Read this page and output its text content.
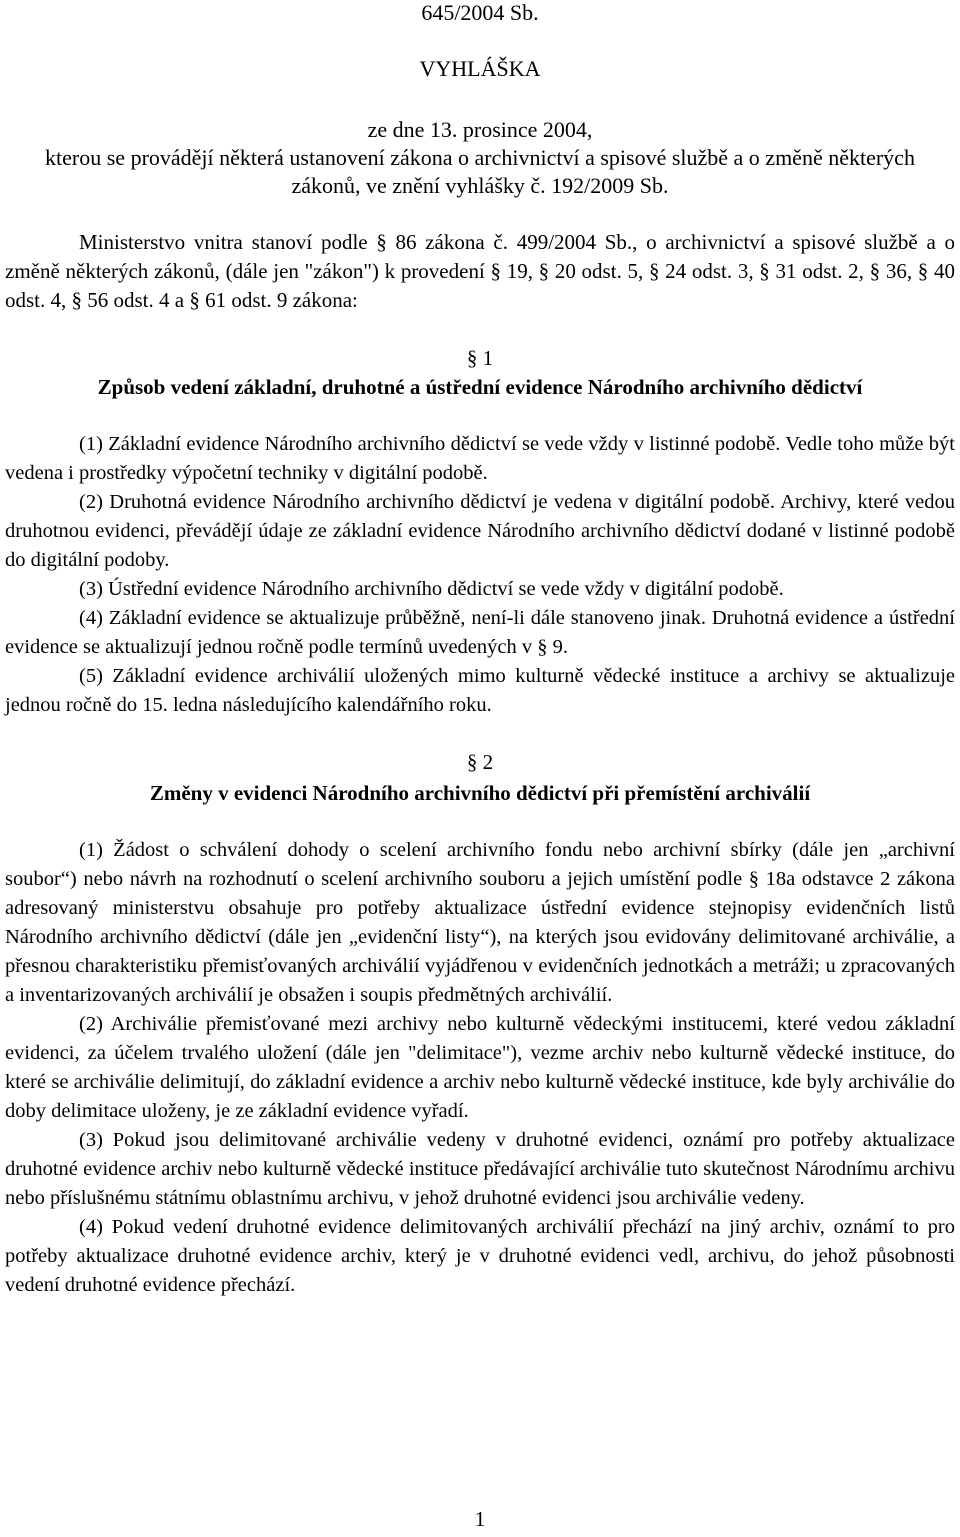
645/2004 Sb.
VYHLÁŠKA
ze dne 13. prosince 2004,
kterou se provádějí některá ustanovení zákona o archivnictví a spisové službě a o změně některých zákonů, ve znění vyhlášky č. 192/2009 Sb.

Ministerstvo vnitra stanoví podle § 86 zákona č. 499/2004 Sb., o archivnictví a spisové službě a o změně některých zákonů, (dále jen "zákon") k provedení § 19, § 20 odst. 5, § 24 odst. 3, § 31 odst. 2, § 36, § 40 odst. 4, § 56 odst. 4 a § 61 odst. 9 zákona:

§ 1
Způsob vedení základní, druhotné a ústřední evidence Národního archivního dědictví

(1) Základní evidence Národního archivního dědictví se vede vždy v listinné podobě. Vedle toho může být vedena i prostředky výpočetní techniky v digitální podobě.

(2) Druhotná evidence Národního archivního dědictví je vedena v digitální podobě. Archivy, které vedou druhotnou evidenci, převádějí údaje ze základní evidence Národního archivního dědictví dodané v listinné podobě do digitální podoby.

(3) Ústřední evidence Národního archivního dědictví se vede vždy v digitální podobě.

(4) Základní evidence se aktualizuje průběžně, není-li dále stanoveno jinak. Druhotná evidence a ústřední evidence se aktualizují jednou ročně podle termínů uvedených v § 9.

(5) Základní evidence archiválií uložených mimo kulturně vědecké instituce a archivy se aktualizuje jednou ročně do 15. ledna následujícího kalendářního roku.

§ 2
Změny v evidenci Národního archivního dědictví při přemístění archiválií

(1) Žádost o schválení dohody o scelení archivního fondu nebo archivní sbírky (dále jen „archivní soubor“) nebo návrh na rozhodnutí o scelení archivního souboru a jejich umístění podle § 18a odstavce 2 zákona adresovaný ministerstvu obsahuje pro potřeby aktualizace ústřední evidence stejnopisy evidenčních listů Národního archivního dědictví (dále jen „evidenční listy“), na kterých jsou evidovány delimitované archiválie, a přesnou charakteristiku přemisťovaných archiválií vyjádřenou v evidenčních jednotkách a metráži; u zpracovaných a inventarizovaných archiválií je obsažen i soupis předmětných archiválií.

(2) Archiválie přemisťované mezi archivy nebo kulturně vědeckými institucemi, které vedou základní evidenci, za účelem trvalého uložení (dále jen "delimitace"), vezme archiv nebo kulturně vědecké instituce, do které se archiválie delimitují, do základní evidence a archiv nebo kulturně vědecké instituce, kde byly archiválie do doby delimitace uloženy, je ze základní evidence vyřadí.

(3) Pokud jsou delimitované archiválie vedeny v druhotné evidenci, oznámí pro potřeby aktualizace druhotné evidence archiv nebo kulturně vědecké instituce předávající archiválie tuto skutečnost Národnímu archivu nebo příslušnému státnímu oblastnímu archivu, v jehož druhotné evidenci jsou archiválie vedeny.

(4) Pokud vedení druhotné evidence delimitovaných archiválií přechází na jiný archiv, oznámí to pro potřeby aktualizace druhotné evidence archiv, který je v druhotné evidenci vedl, archivu, do jehož působnosti vedení druhotné evidence přechází.

1
